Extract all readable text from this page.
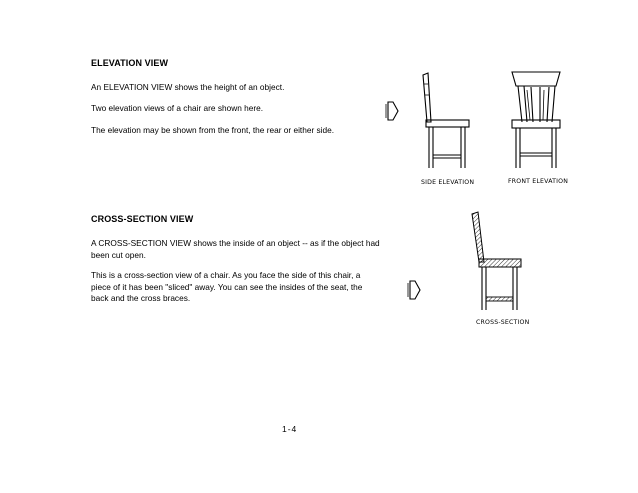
ELEVATION VIEW
An ELEVATION VIEW shows the height of an object.
Two elevation views of a chair are shown here.
The elevation may be shown from the front, the rear or either side.
CROSS-SECTION VIEW
A CROSS-SECTION VIEW shows the inside of an object -- as if the object had been cut open.
This is a cross-section view of a chair. As you face the side of this chair, a piece of it has been "sliced" away. You can see the insides of the seat, the back and the cross braces.
SIDE ELEVATION	FRONT ELEVATION
CROSS-SECTION
1-4
